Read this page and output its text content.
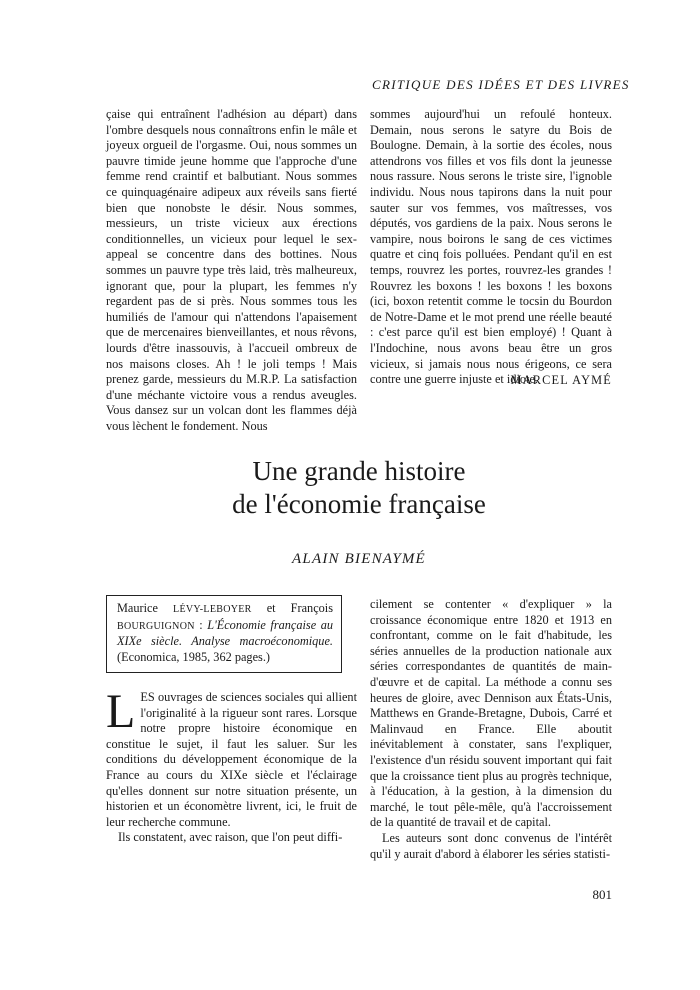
CRITIQUE DES IDÉES ET DES LIVRES

çaise qui entraînent l'adhésion au départ) dans l'ombre desquels nous connaîtrons enfin le mâle et joyeux orgueil de l'orgasme. Oui, nous sommes un pauvre timide jeune homme que l'approche d'une femme rend craintif et balbutiant. Nous sommes ce quinquagénaire adipeux aux réveils sans fierté bien que nonobste le désir. Nous sommes, messieurs, un triste vicieux aux érections conditionnelles, un vicieux pour lequel le sex-appeal se concentre dans des bottines. Nous sommes un pauvre type très laid, très malheureux, ignorant que, pour la plupart, les femmes n'y regardent pas de si près. Nous sommes tous les humiliés de l'amour qui n'attendons l'apaisement que de mercenaires bienveillantes, et nous rêvons, lourds d'être inassouvis, à l'accueil ombreux de nos maisons closes. Ah ! le joli temps ! Mais prenez garde, messieurs du M.R.P. La satisfaction d'une méchante victoire vous a rendus aveugles. Vous dansez sur un volcan dont les flammes déjà vous lèchent le fondement. Nous

sommes aujourd'hui un refoulé honteux. Demain, nous serons le satyre du Bois de Boulogne. Demain, à la sortie des écoles, nous attendrons vos filles et vos fils dont la jeunesse nous rassure. Nous serons le triste sire, l'ignoble individu. Nous nous tapirons dans la nuit pour sauter sur vos femmes, vos maîtresses, vos députés, vos gardiens de la paix. Nous serons le vampire, nous boirons le sang de ces victimes quatre et cinq fois polluées. Pendant qu'il en est temps, rouvrez les portes, rouvrez-les grandes ! Rouvrez les boxons ! les boxons ! les boxons (ici, boxon retentit comme le tocsin du Bourdon de Notre-Dame et le mot prend une réelle beauté : c'est parce qu'il est bien employé) ! Quant à l'Indochine, nous avons beau être un gros vicieux, si jamais nous nous érigeons, ce sera contre une guerre injuste et idiote.

MARCEL AYMÉ
Une grande histoire
de l'économie française
ALAIN BIENAYMÉ
Maurice LÉVY-LEBOYER et François BOURGUIGNON : L'Économie française au XIXe siècle. Analyse macroéconomique. (Economica, 1985, 362 pages.)

LES ouvrages de sciences sociales qui allient l'originalité à la rigueur sont rares. Lorsque notre propre histoire économique en constitue le sujet, il faut les saluer. Sur les conditions du développement économique de la France au cours du XIXe siècle et l'éclairage qu'elles donnent sur notre situation présente, un historien et un économètre livrent, ici, le fruit de leur recherche commune.

Ils constatent, avec raison, que l'on peut diffi-

cilement se contenter « d'expliquer » la croissance économique entre 1820 et 1913 en confrontant, comme on le fait d'habitude, les séries annuelles de la production nationale aux séries correspondantes de quantités de main-d'œuvre et de capital. La méthode a connu ses heures de gloire, avec Dennison aux États-Unis, Matthews en Grande-Bretagne, Dubois, Carré et Malinvaud en France. Elle aboutit inévitablement à constater, sans l'expliquer, l'existence d'un résidu souvent important qui fait que la croissance tient plus au progrès technique, à l'éducation, à la gestion, à la dimension du marché, le tout pêle-mêle, qu'à l'accroissement de la quantité de travail et de capital.

Les auteurs sont donc convenus de l'intérêt qu'il y aurait d'abord à élaborer les séries statisti-

801
